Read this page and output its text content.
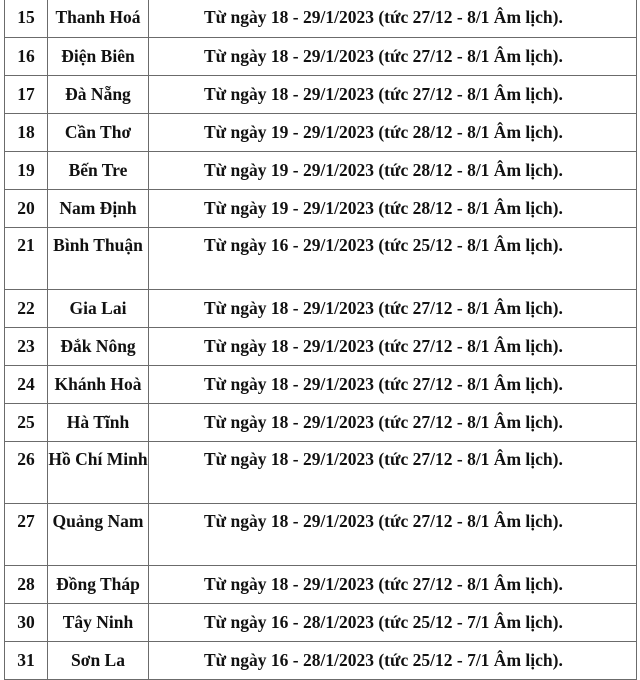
15	Thanh Hoá	Từ ngày 18 - 29/1/2023 (tức 27/12 - 8/1 Âm lịch).
16	Điện Biên	Từ ngày 18 - 29/1/2023 (tức 27/12 - 8/1 Âm lịch).
17	Đà Nẵng	Từ ngày 18 - 29/1/2023 (tức 27/12 - 8/1 Âm lịch).
18	Cần Thơ	Từ ngày 19 - 29/1/2023 (tức 28/12 - 8/1 Âm lịch).
19	Bến Tre	Từ ngày 19 - 29/1/2023 (tức 28/12 - 8/1 Âm lịch).
20	Nam Định	Từ ngày 19 - 29/1/2023 (tức 28/12 - 8/1 Âm lịch).
21	Bình Thuận	Từ ngày 16 - 29/1/2023 (tức 25/12 - 8/1 Âm lịch).
22	Gia Lai	Từ ngày 18 - 29/1/2023 (tức 27/12 - 8/1 Âm lịch).
23	Đắk Nông	Từ ngày 18 - 29/1/2023 (tức 27/12 - 8/1 Âm lịch).
24	Khánh Hoà	Từ ngày 18 - 29/1/2023 (tức 27/12 - 8/1 Âm lịch).
25	Hà Tĩnh	Từ ngày 18 - 29/1/2023 (tức 27/12 - 8/1 Âm lịch).
26	Hồ Chí Minh	Từ ngày 18 - 29/1/2023 (tức 27/12 - 8/1 Âm lịch).
27	Quảng Nam	Từ ngày 18 - 29/1/2023 (tức 27/12 - 8/1 Âm lịch).
28	Đồng Tháp	Từ ngày 18 - 29/1/2023 (tức 27/12 - 8/1 Âm lịch).
30	Tây Ninh	Từ ngày 16 - 28/1/2023 (tức 25/12 - 7/1 Âm lịch).
31	Sơn La	Từ ngày 16 - 28/1/2023 (tức 25/12 - 7/1 Âm lịch).
